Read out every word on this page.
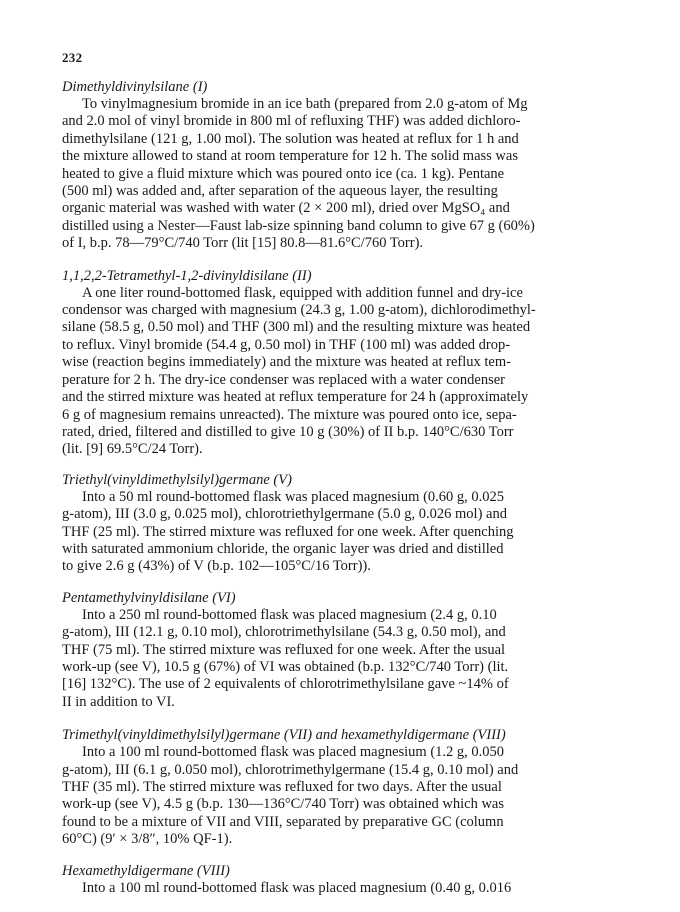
232

Dimethyldivinylsilane (I)

To vinylmagnesium bromide in an ice bath (prepared from 2.0 g-atom of Mg

and 2.0 mol of vinyl bromide in 800 ml of refluxing THF) was added dichloro-

dimethylsilane (121 g, 1.00 mol). The solution was heated at reflux for 1 h and

the mixture allowed to stand at room temperature for 12 h. The solid mass was

heated to give a fluid mixture which was poured onto ice (ca. 1 kg). Pentane

(500 ml) was added and, after separation of the aqueous layer, the resulting

organic material was washed with water (2 × 200 ml), dried over MgSO₄ and

distilled using a Nester—Faust lab-size spinning band column to give 67 g (60%)

of I, b.p. 78—79°C/740 Torr (lit [15] 80.8—81.6°C/760 Torr).

1,1,2,2-Tetramethyl-1,2-divinyldisilane (II)

A one liter round-bottomed flask, equipped with addition funnel and dry-ice

condensor was charged with magnesium (24.3 g, 1.00 g-atom), dichlorodimethyl-

silane (58.5 g, 0.50 mol) and THF (300 ml) and the resulting mixture was heated

to reflux. Vinyl bromide (54.4 g, 0.50 mol) in THF (100 ml) was added drop-

wise (reaction begins immediately) and the mixture was heated at reflux tem-

perature for 2 h. The dry-ice condenser was replaced with a water condenser

and the stirred mixture was heated at reflux temperature for 24 h (approximately

6 g of magnesium remains unreacted). The mixture was poured onto ice, sepa-

rated, dried, filtered and distilled to give 10 g (30%) of II b.p. 140°C/630 Torr

(lit. [9] 69.5°C/24 Torr).

Triethyl(vinyldimethylsilyl)germane (V)

Into a 50 ml round-bottomed flask was placed magnesium (0.60 g, 0.025

g-atom), III (3.0 g, 0.025 mol), chlorotriethylgermane (5.0 g, 0.026 mol) and

THF (25 ml). The stirred mixture was refluxed for one week. After quenching

with saturated ammonium chloride, the organic layer was dried and distilled

to give 2.6 g (43%) of V (b.p. 102—105°C/16 Torr)).

Pentamethylvinyldisilane (VI)

Into a 250 ml round-bottomed flask was placed magnesium (2.4 g, 0.10

g-atom), III (12.1 g, 0.10 mol), chlorotrimethylsilane (54.3 g, 0.50 mol), and

THF (75 ml). The stirred mixture was refluxed for one week. After the usual

work-up (see V), 10.5 g (67%) of VI was obtained (b.p. 132°C/740 Torr) (lit.

[16] 132°C). The use of 2 equivalents of chlorotrimethylsilane gave ~14% of

II in addition to VI.

Trimethyl(vinyldimethylsilyl)germane (VII) and hexamethyldigermane (VIII)

Into a 100 ml round-bottomed flask was placed magnesium (1.2 g, 0.050

g-atom), III (6.1 g, 0.050 mol), chlorotrimethylgermane (15.4 g, 0.10 mol) and

THF (35 ml). The stirred mixture was refluxed for two days. After the usual

work-up (see V), 4.5 g (b.p. 130—136°C/740 Torr) was obtained which was

found to be a mixture of VII and VIII, separated by preparative GC (column

60°C) (9′ × 3/8″, 10% QF-1).

Hexamethyldigermane (VIII)

Into a 100 ml round-bottomed flask was placed magnesium (0.40 g, 0.016
